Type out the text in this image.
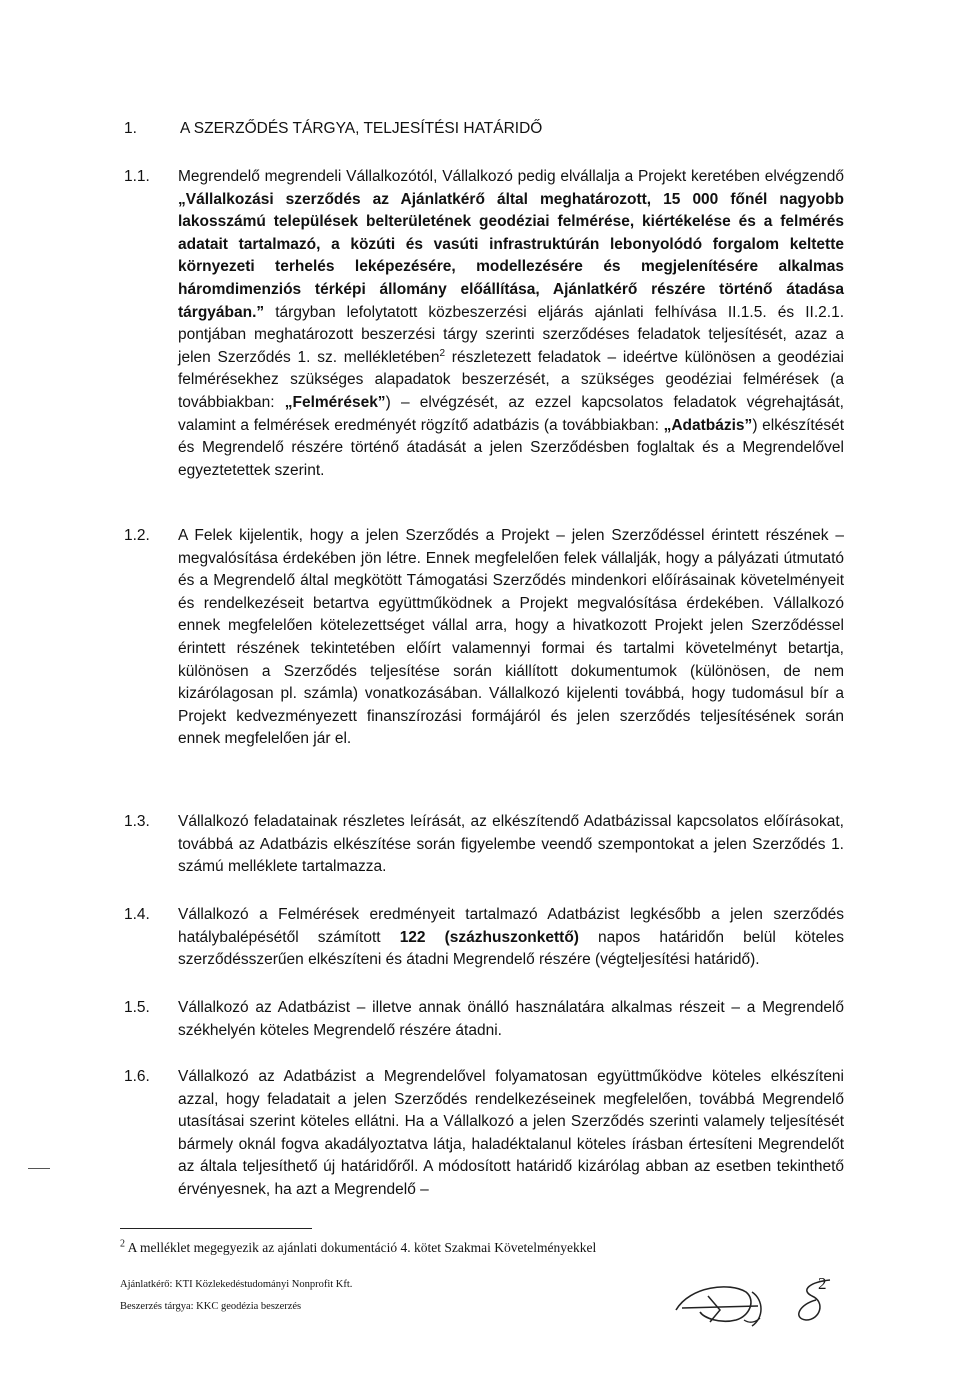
1.	A SZERZŐDÉS TÁRGYA, TELJESÍTÉSI HATÁRIDŐ
1.1.	Megrendelő megrendeli Vállalkozótól, Vállalkozó pedig elvállalja a Projekt keretében elvégzendő „Vállalkozási szerződés az Ajánlatkérő által meghatározott, 15 000 főnél nagyobb lakosszámú települések belterületének geodéziai felmérése, kiértékelése és a felmérés adatait tartalmazó, a közúti és vasúti infrastruktúrán lebonyolódó forgalom keltette környezeti terhelés leképezésére, modellezésére és megjelenítésére alkalmas háromdimenziós térképi állomány előállítása, Ajánlatkérő részére történő átadása tárgyában.” tárgyban lefolytatott közbeszerzési eljárás ajánlati felhívása II.1.5. és II.2.1. pontjában meghatározott beszerzési tárgy szerinti szerződéses feladatok teljesítését, azaz a jelen Szerződés 1. sz. mellékletében$^2$ részletezett feladatok – ideértve különösen a geodéziai felmérésekhez szükséges alapadatok beszerzését, a szükséges geodéziai felmérések (a továbbiakban: „Felmérések”) – elvégzését, az ezzel kapcsolatos feladatok végrehajtását, valamint a felmérések eredményét rögzítő adatbázis (a továbbiakban: „Adatbázis”) elkészítését és Megrendelő részére történő átadását a jelen Szerződésben foglaltak és a Megrendelővel egyeztetettek szerint.
1.2.	A Felek kijelentik, hogy a jelen Szerződés a Projekt – jelen Szerződéssel érintett részének – megvalósítása érdekében jön létre. Ennek megfelelően felek vállalják, hogy a pályázati útmutató és a Megrendelő által megkötött Támogatási Szerződés mindenkori előírásainak követelményeit és rendelkezéseit betartva együttműködnek a Projekt megvalósítása érdekében. Vállalkozó ennek megfelelően kötelezettséget vállal arra, hogy a hivatkozott Projekt jelen Szerződéssel érintett részének tekintetében előírt valamennyi formai és tartalmi követelményt betartja, különösen a Szerződés teljesítése során kiállított dokumentumok (különösen, de nem kizárólagosan pl. számla) vonatkozásában. Vállalkozó kijelenti továbbá, hogy tudomásul bír a Projekt kedvezményezett finanszírozási formájáról és jelen szerződés teljesítésének során ennek megfelelően jár el.
1.3.	Vállalkozó feladatainak részletes leírását, az elkészítendő Adatbázissal kapcsolatos előírásokat, továbbá az Adatbázis elkészítése során figyelembe veendő szempontokat a jelen Szerződés 1. számú melléklete tartalmazza.
1.4.	Vállalkozó a Felmérések eredményeit tartalmazó Adatbázist legkésőbb a jelen szerződés hatálybalépésétől számított 122 (százhuszonkettő) napos határidőn belül köteles szerződésszerűen elkészíteni és átadni Megrendelő részére (végteljesítési határidő).
1.5.	Vállalkozó az Adatbázist – illetve annak önálló használatára alkalmas részeit – a Megrendelő székhelyén köteles Megrendelő részére átadni.
1.6.	Vállalkozó az Adatbázist a Megrendelővel folyamatosan együttműködve köteles elkészíteni azzal, hogy feladatait a jelen Szerződés rendelkezéseinek megfelelően, továbbá Megrendelő utasításai szerint köteles ellátni. Ha a Vállalkozó a jelen Szerződés szerinti valamely teljesítését bármely oknál fogva akadályoztatva látja, haladéktalanul köteles írásban értesíteni Megrendelőt az általa teljesíthető új határidőről. A módosított határidő kizárólag abban az esetben tekinthető érvényesnek, ha azt a Megrendelő –
$^2$ A melléklet megegyezik az ajánlati dokumentáció 4. kötet Szakmai Követelményekkel
Ajánlatkérő: KTI Közlekedéstudományi Nonprofit Kft.
Beszerzés tárgya: KKC geodézia beszerzés
2
